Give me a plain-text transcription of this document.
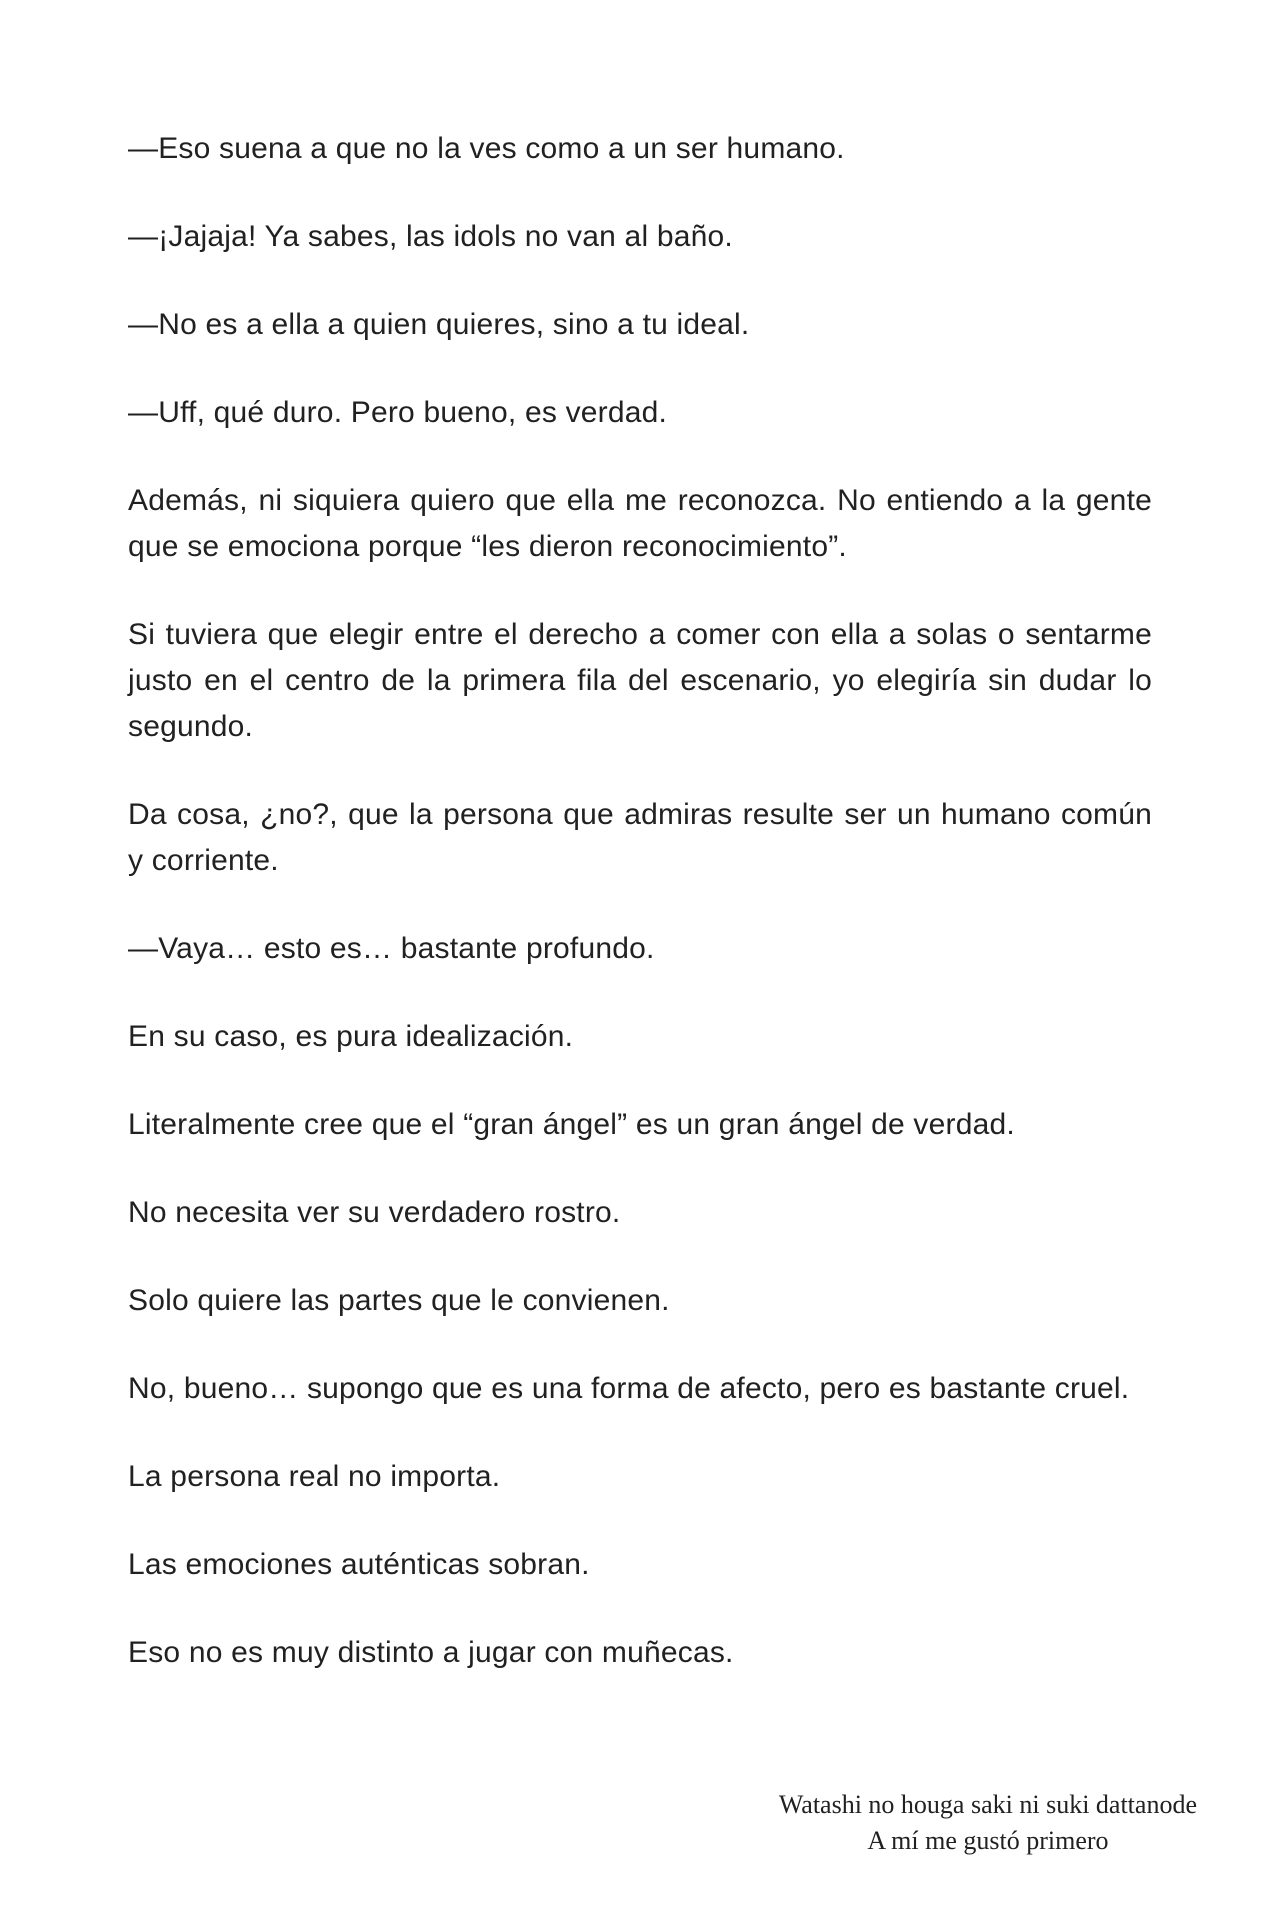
—Eso suena a que no la ves como a un ser humano.

—¡Jajaja! Ya sabes, las idols no van al baño.

—No es a ella a quien quieres, sino a tu ideal.

—Uff, qué duro. Pero bueno, es verdad.

Además, ni siquiera quiero que ella me reconozca. No entiendo a la gente que se emociona porque “les dieron reconocimiento”.

Si tuviera que elegir entre el derecho a comer con ella a solas o sentarme justo en el centro de la primera fila del escenario, yo elegiría sin dudar lo segundo.

Da cosa, ¿no?, que la persona que admiras resulte ser un humano común y corriente.

—Vaya… esto es… bastante profundo.

En su caso, es pura idealización.

Literalmente cree que el “gran ángel” es un gran ángel de verdad.

No necesita ver su verdadero rostro.

Solo quiere las partes que le convienen.

No, bueno… supongo que es una forma de afecto, pero es bastante cruel.

La persona real no importa.

Las emociones auténticas sobran.

Eso no es muy distinto a jugar con muñecas.

Watashi no houga saki ni suki dattanode
A mí me gustó primero
